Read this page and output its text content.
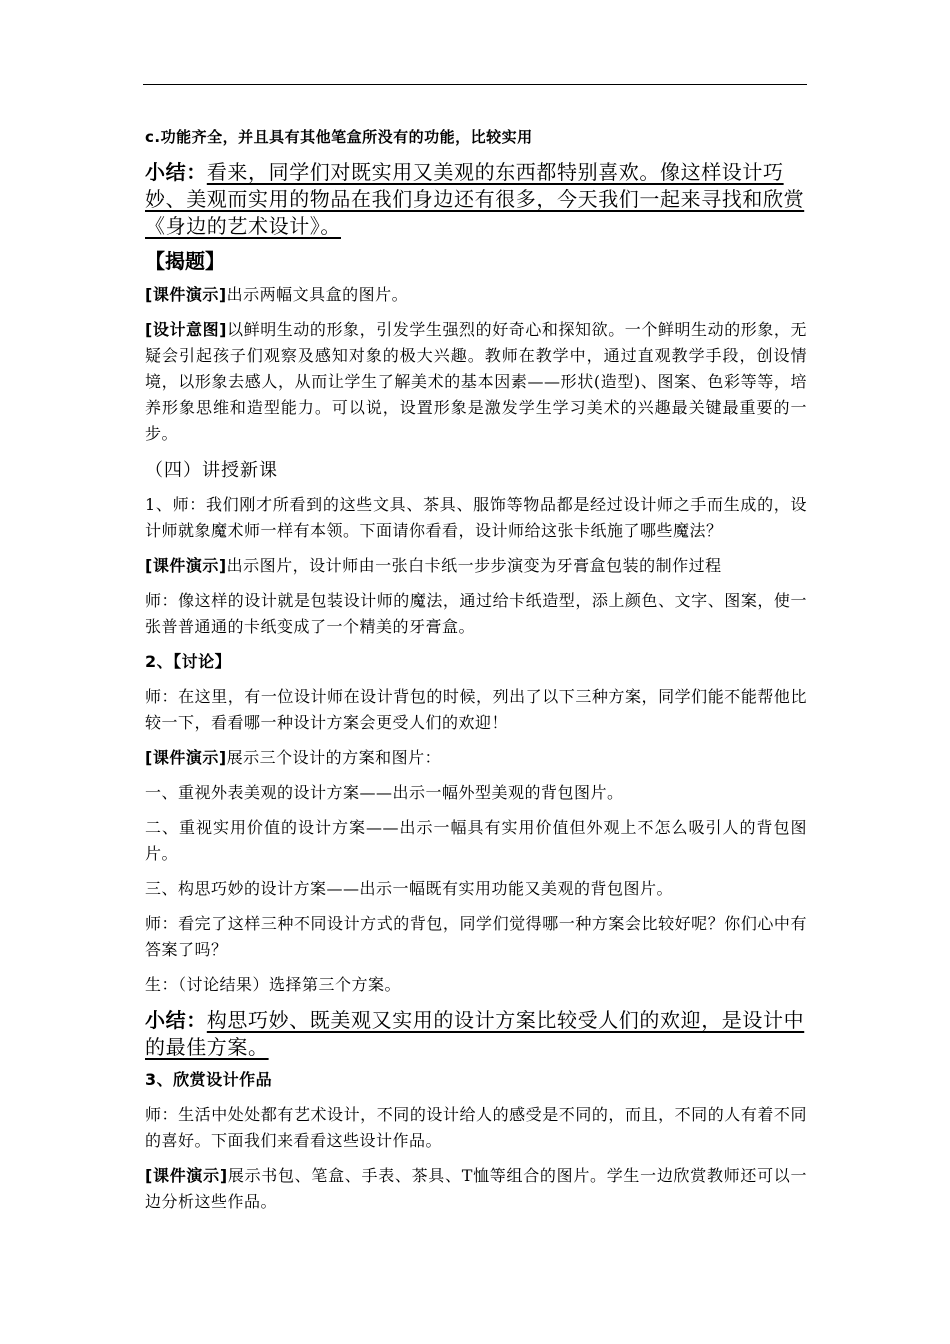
c.功能齐全，并且具有其他笔盒所没有的功能，比较实用

小结：看来，同学们对既实用又美观的东西都特别喜欢。像这样设计巧妙、美观而实用的物品在我们身边还有很多，今天我们一起来寻找和欣赏《身边的艺术设计》。

【揭题】

[课件演示]出示两幅文具盒的图片。

[设计意图]以鲜明生动的形象，引发学生强烈的好奇心和探知欲。一个鲜明生动的形象，无疑会引起孩子们观察及感知对象的极大兴趣。教师在教学中，通过直观教学手段，创设情境，以形象去感人，从而让学生了解美术的基本因素——形状(造型)、图案、色彩等等，培养形象思维和造型能力。可以说，设置形象是激发学生学习美术的兴趣最关键最重要的一步。

（四）讲授新课

1、师：我们刚才所看到的这些文具、茶具、服饰等物品都是经过设计师之手而生成的，设计师就象魔术师一样有本领。下面请你看看，设计师给这张卡纸施了哪些魔法？

[课件演示]出示图片，设计师由一张白卡纸一步步演变为牙膏盒包装的制作过程

师：像这样的设计就是包装设计师的魔法，通过给卡纸造型，添上颜色、文字、图案，使一张普普通通的卡纸变成了一个精美的牙膏盒。

2、【讨论】

师：在这里，有一位设计师在设计背包的时候，列出了以下三种方案，同学们能不能帮他比较一下，看看哪一种设计方案会更受人们的欢迎！

[课件演示]展示三个设计的方案和图片：

一、重视外表美观的设计方案——出示一幅外型美观的背包图片。

二、重视实用价值的设计方案——出示一幅具有实用价值但外观上不怎么吸引人的背包图片。

三、构思巧妙的设计方案——出示一幅既有实用功能又美观的背包图片。

师：看完了这样三种不同设计方式的背包，同学们觉得哪一种方案会比较好呢？你们心中有答案了吗？

生：（讨论结果）选择第三个方案。

小结：构思巧妙、既美观又实用的设计方案比较受人们的欢迎，是设计中的最佳方案。

3、欣赏设计作品

师：生活中处处都有艺术设计，不同的设计给人的感受是不同的，而且，不同的人有着不同的喜好。下面我们来看看这些设计作品。

[课件演示]展示书包、笔盒、手表、茶具、T恤等组合的图片。学生一边欣赏教师还可以一边分析这些作品。
